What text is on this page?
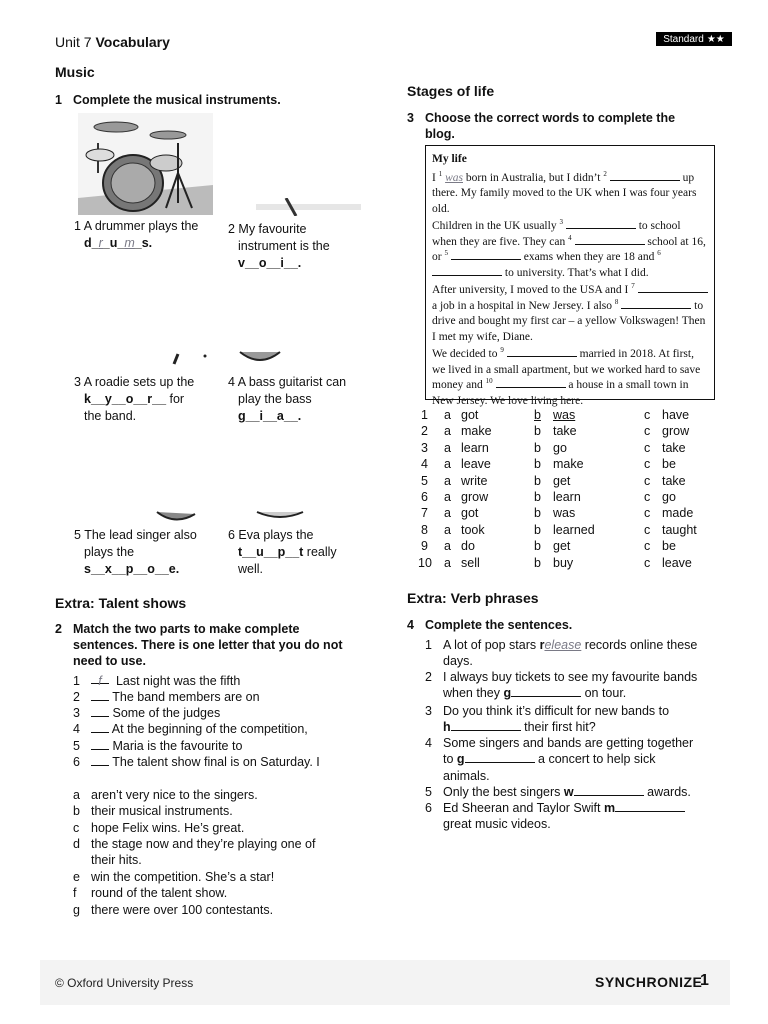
Unit 7 Vocabulary	Standard ★★
Music
1 Complete the musical instruments.
1 A drummer plays the
d_r_u_m_s.
2 My favourite
instrument is the
v__o__i__.
3 A roadie sets up the
k__y__o__r__ for
the band.
4 A bass guitarist can
play the bass
g__i__a__.
5 The lead singer also
plays the
s__x__p__o__e.
6 Eva plays the
t__u__p__t really
well.
Extra: Talent shows
2 Match the two parts to make complete
sentences. There is one letter that you do not
need to use.
1	f Last night was the fifth
2	The band members are on
3	Some of the judges
4	At the beginning of the competition,
5	Maria is the favourite to
6	The talent show final is on Saturday. I
a aren’t very nice to the singers.
b their musical instruments.
c hope Felix wins. He’s great.
d the stage now and they’re playing one of
their hits.
e win the competition. She’s a star!
f round of the talent show.
g there were over 100 contestants.
Stages of life
3 Choose the correct words to complete the
blog.

My life

I $^1$ was born in Australia, but I didn’t $^2$	up there. My family moved to the UK when I was four years old.

Children in the UK usually $^3$	to school when they are five. They can $^4$	school at 16, or $^5$	exams when they are 18 and $^6$  to university. That’s what I did.

After university, I moved to the USA and I $^7$  a job in a hospital in New Jersey. I also $^8$	to drive and bought my first car – a yellow Volkswagen! Then I met my wife, Diane.

We decided to $^9$	married in 2018. At first, we lived in a small apartment, but we worked hard to save money and $^{10}$	a house in a small town in New Jersey. We love living here.

1 a got	b was	c have
2 a make	b take	c grow
3 a learn	b go	c take
4 a leave	b make	c be
5 a write	b get	c take
6 a grow	b learn	c go
7 a got	b was	c made
8 a took	b learned	c taught
9 a do	b get	c be
10 a sell	b buy	c leave
Extra: Verb phrases
4 Complete the sentences.
1 A lot of pop stars release records online these
days.
2 I always buy tickets to see my favourite bands
when they g	on tour.
3 Do you think it’s difficult for new bands to
h	their first hit?
4 Some singers and bands are getting together
to g	a concert to help sick
animals.
5 Only the best singers w	awards.
6 Ed Sheeran and Taylor Swift m
great music videos.
© Oxford University Press	SYNCHRONIZE
1
